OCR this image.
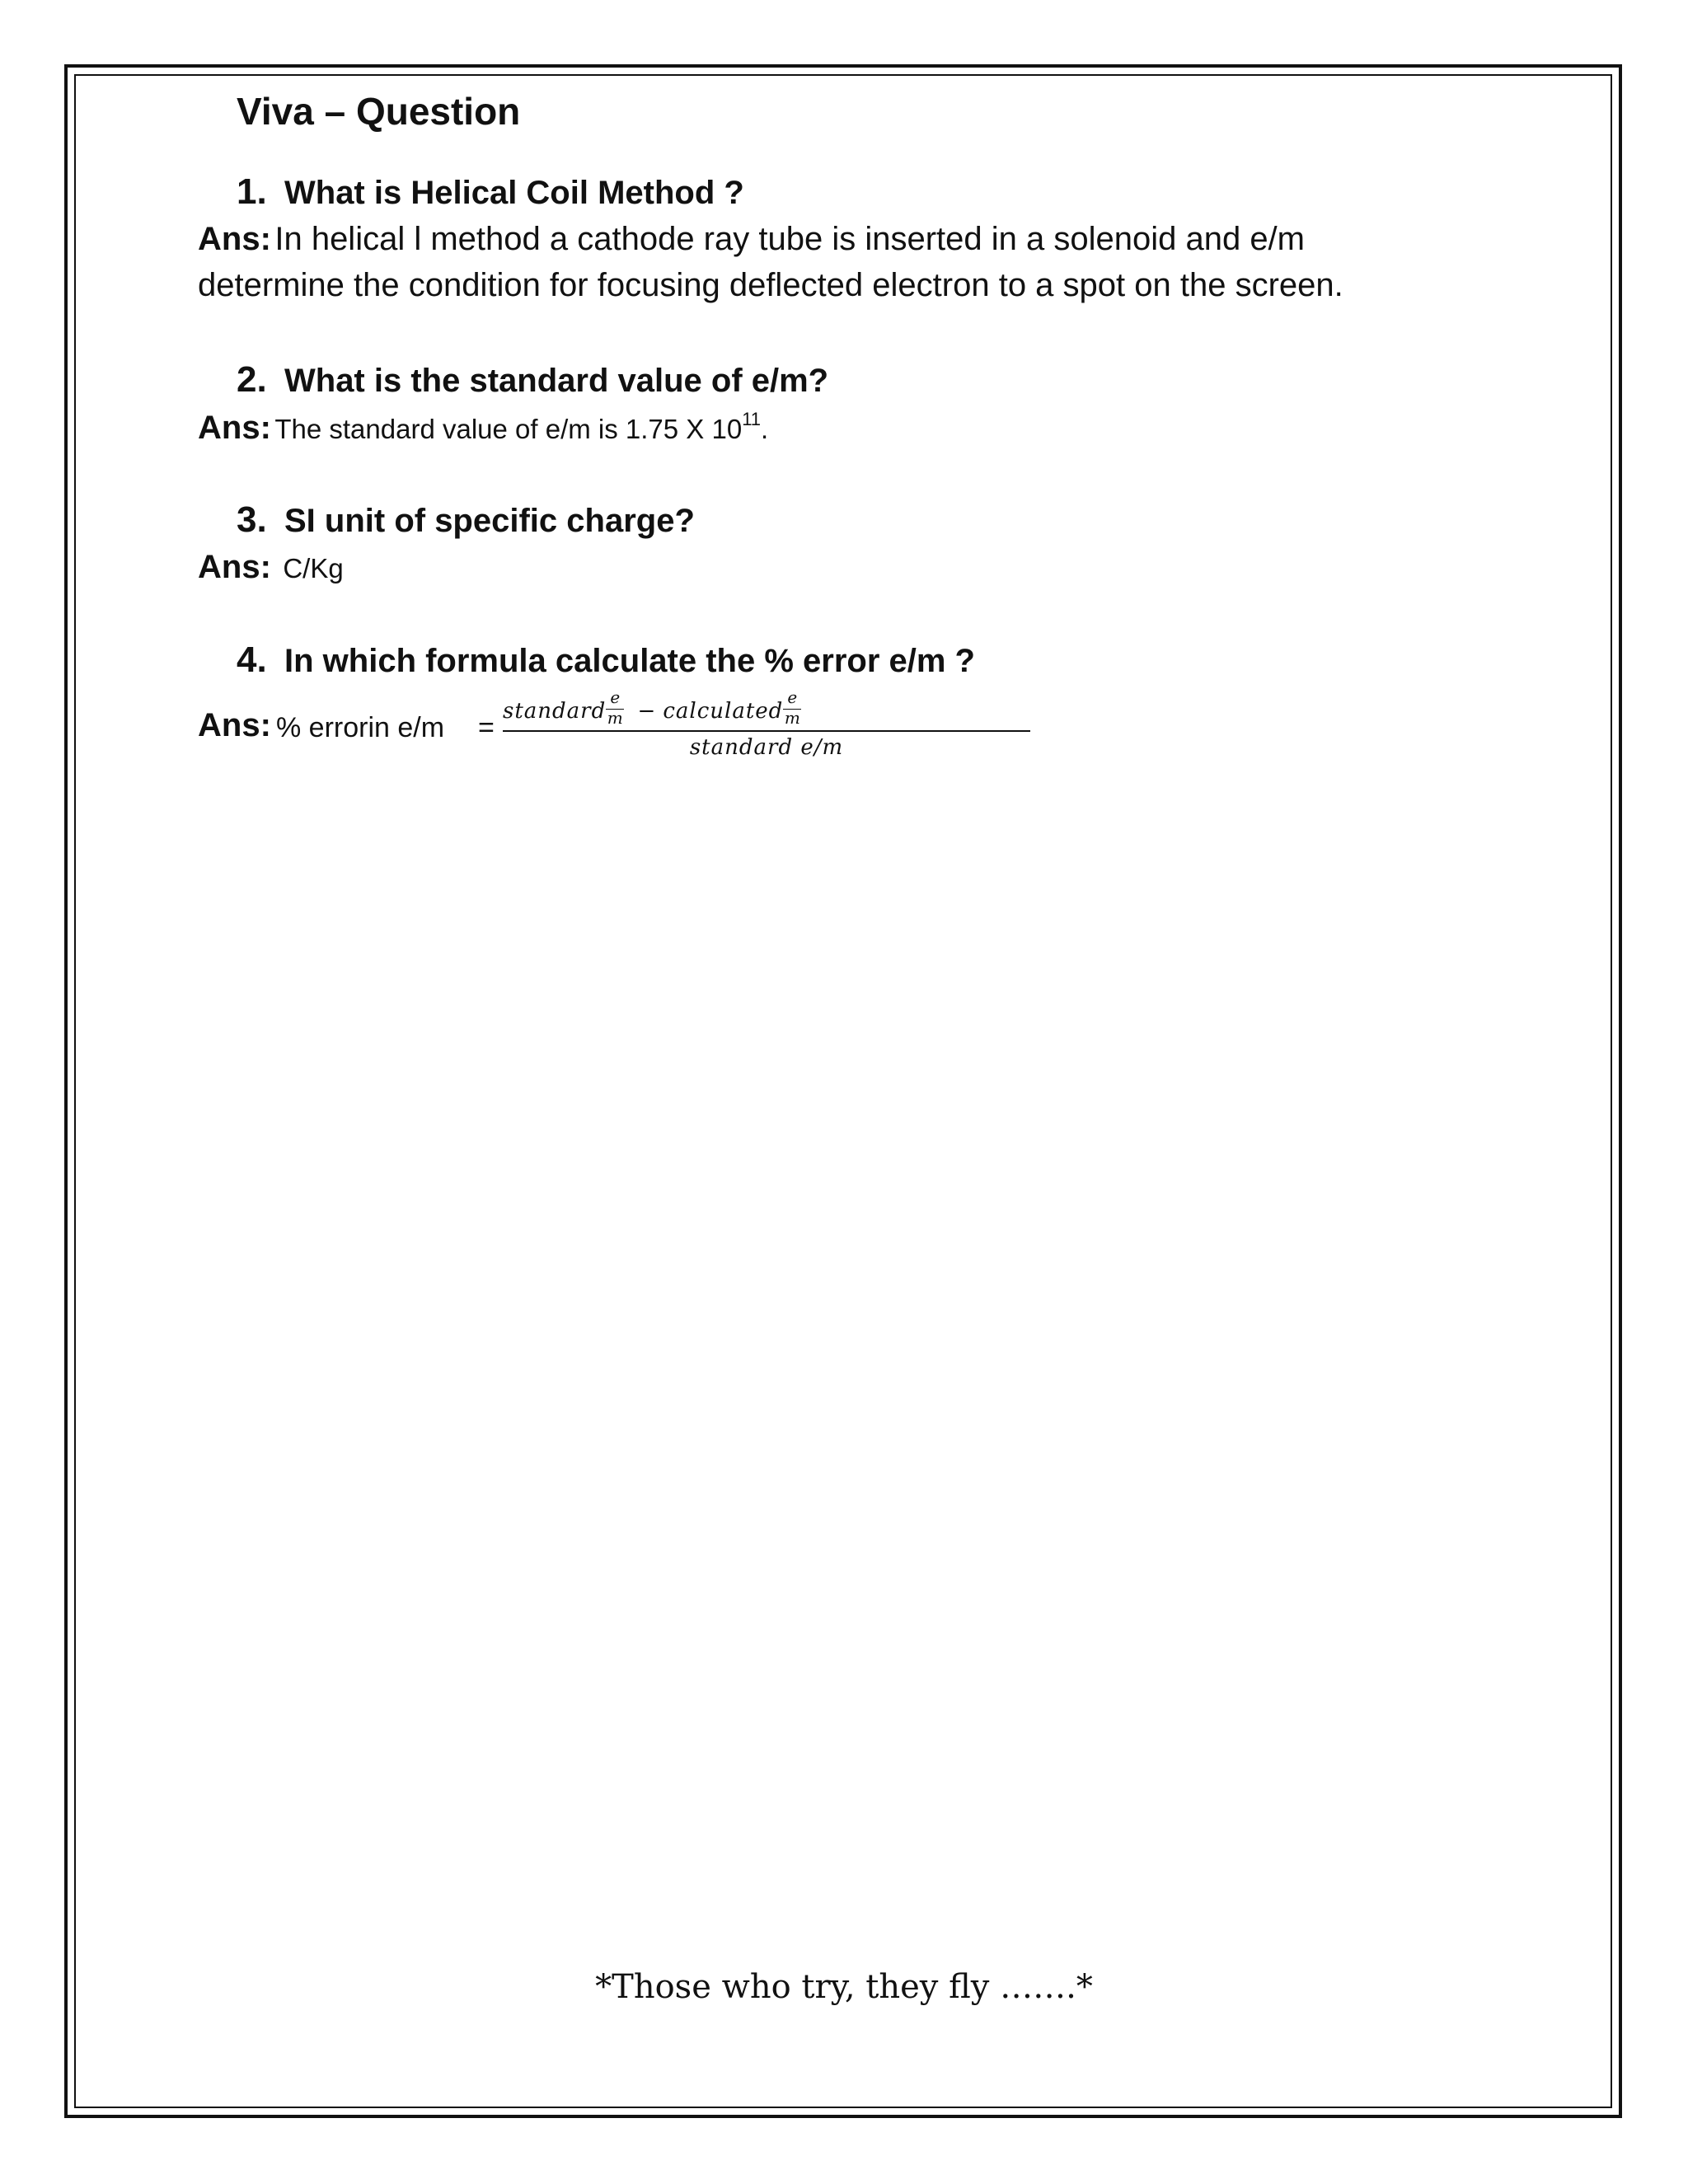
Viva – Question
1. What is Helical Coil Method ?
Ans: In helical l method a cathode ray tube is inserted in a solenoid and e/m
determine the condition for focusing deflected electron to a spot on the screen.
2. What is the standard value of e/m?
Ans: The standard value of e/m is 1.75 X $10^{11}$.
3. SI unit of specific charge?
Ans: C/Kg
4. In which formula calculate the % error e/m ?
Ans: % errorin e/m =
standard $\frac{e}{m}$ − calculated $\frac{e}{m}$
standard e/m
*Those who try, they fly …….*
